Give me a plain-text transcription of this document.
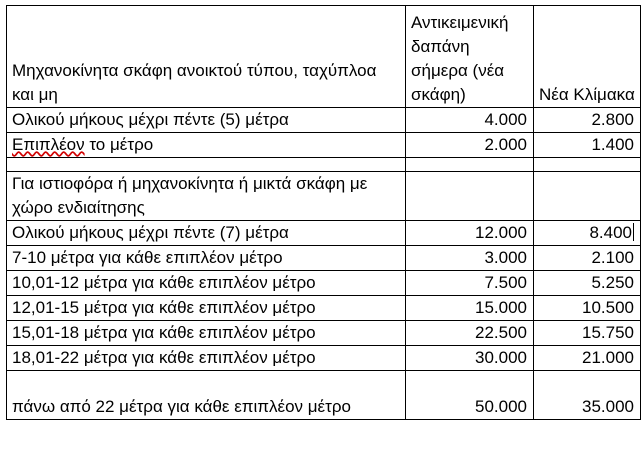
Μηχανοκίνητα σκάφη ανοικτού τύπου, ταχύπλοα και μη	Αντικειμενική δαπάνη σήμερα (νέα σκάφη)	Νέα Κλίμακα
Ολικού μήκους μέχρι πέντε (5) μέτρα	4.000	2.800
Επιπλέον το μέτρο	2.000	1.400

Για ιστιοφόρα ή μηχανοκίνητα ή μικτά σκάφη με χώρο ενδιαίτησης		
Ολικού μήκους μέχρι πέντε (7) μέτρα	12.000	8.400
7-10 μέτρα για κάθε επιπλέον μέτρο	3.000	2.100
10,01-12 μέτρα για κάθε επιπλέον μέτρο	7.500	5.250
12,01-15 μέτρα για κάθε επιπλέον μέτρο	15.000	10.500
15,01-18 μέτρα για κάθε επιπλέον μέτρο	22.500	15.750
18,01-22 μέτρα για κάθε επιπλέον μέτρο	30.000	21.000
πάνω από 22 μέτρα για κάθε επιπλέον μέτρο	50.000	35.000
